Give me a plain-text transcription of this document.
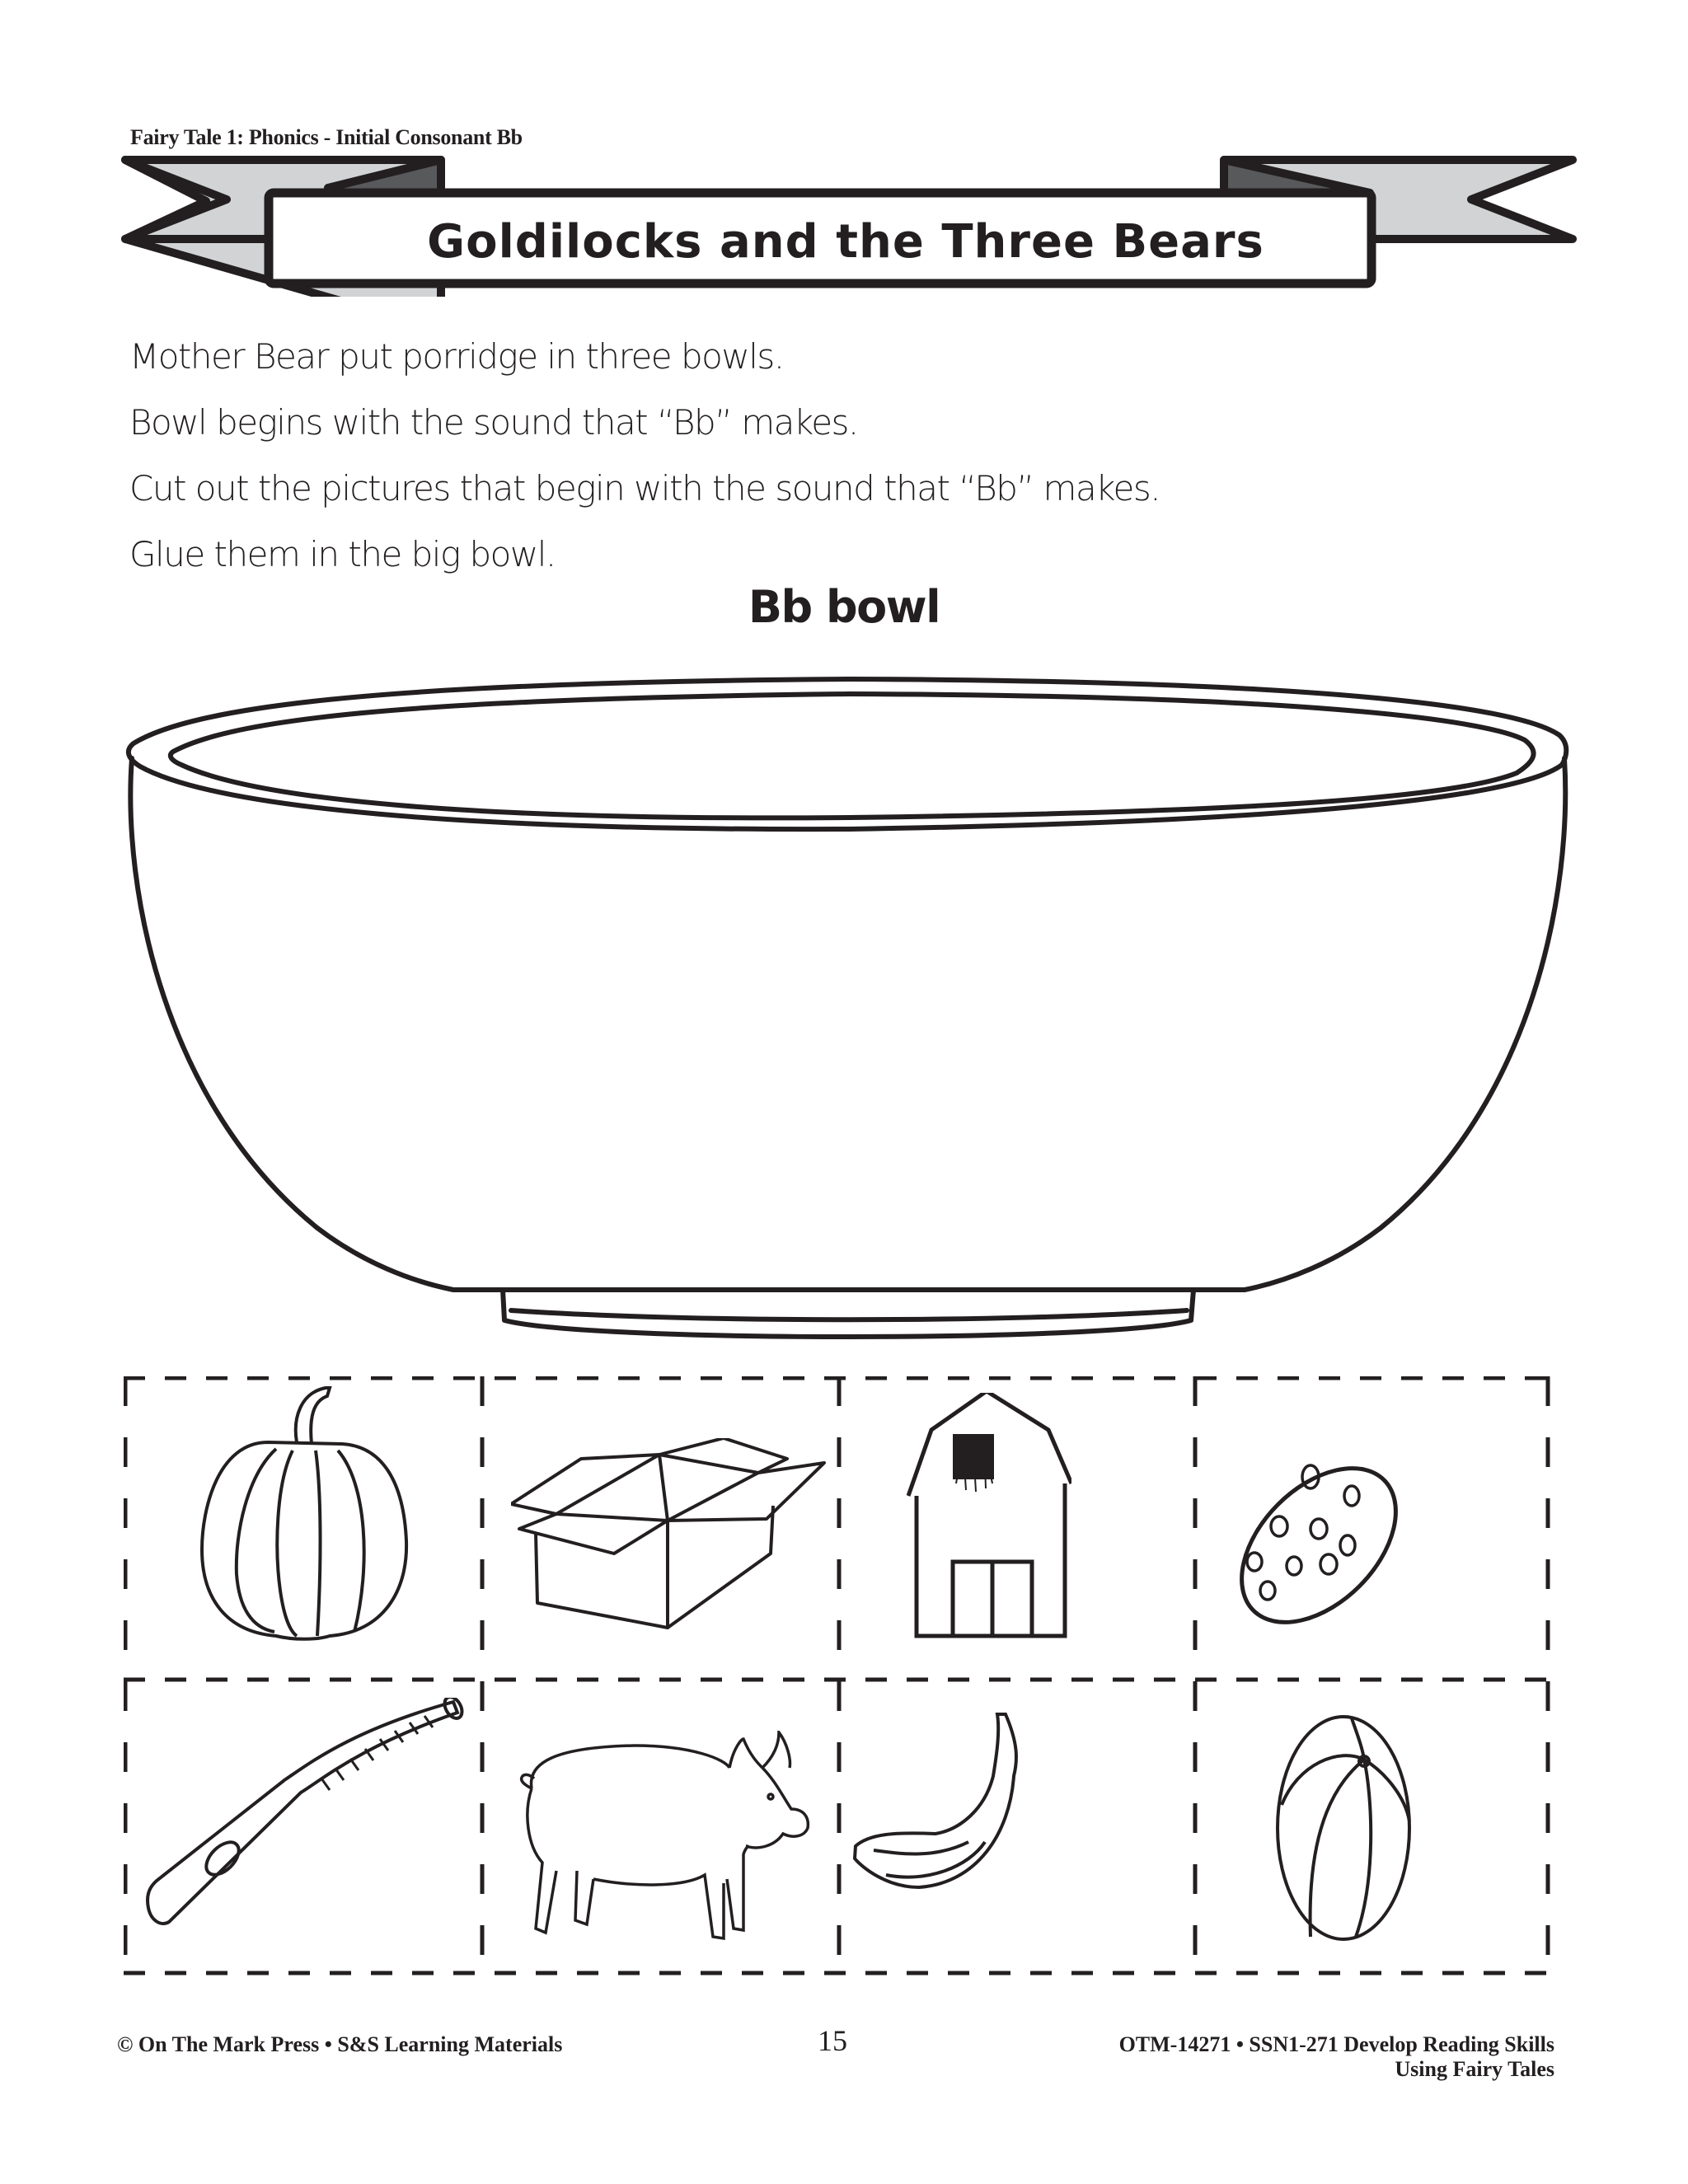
Fairy Tale 1: Phonics - Initial Consonant Bb
Goldilocks and the Three Bears
Mother Bear put porridge in three bowls.
Bowl begins with the sound that “Bb” makes.
Cut out the pictures that begin with the sound that “Bb” makes.
Glue them in the big bowl.
Bb bowl
© On The Mark Press • S&S Learning Materials	15	OTM-14271 • SSN1-271 Develop Reading Skills
Using Fairy Tales
